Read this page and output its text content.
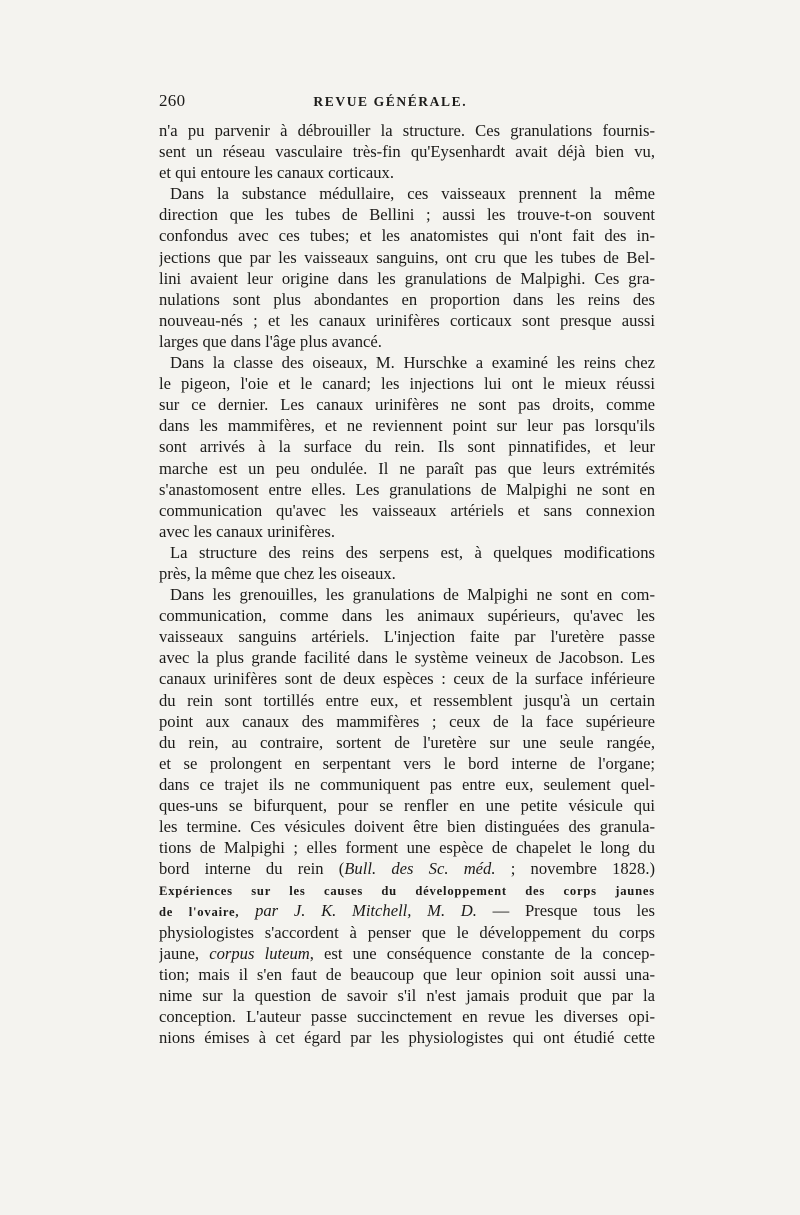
260	REVUE GÉNÉRALE.
n'a pu parvenir à débrouiller la structure. Ces granulations fournis-
sent un réseau vasculaire très-fin qu'Eysenhardt avait déjà bien vu,
et qui entoure les canaux corticaux.
Dans la substance médullaire, ces vaisseaux prennent la même
direction que les tubes de Bellini ; aussi les trouve-t-on souvent
confondus avec ces tubes; et les anatomistes qui n'ont fait des in-
jections que par les vaisseaux sanguins, ont cru que les tubes de Bel-
lini avaient leur origine dans les granulations de Malpighi. Ces gra-
nulations sont plus abondantes en proportion dans les reins des
nouveau-nés ; et les canaux urinifères corticaux sont presque aussi
larges que dans l'âge plus avancé.
Dans la classe des oiseaux, M. Hurschke a examiné les reins chez
le pigeon, l'oie et le canard; les injections lui ont le mieux réussi
sur ce dernier. Les canaux urinifères ne sont pas droits, comme
dans les mammifères, et ne reviennent point sur leur pas lorsqu'ils
sont arrivés à la surface du rein. Ils sont pinnatifides, et leur
marche est un peu ondulée. Il ne paraît pas que leurs extrémités
s'anastomosent entre elles. Les granulations de Malpighi ne sont en
communication qu'avec les vaisseaux artériels et sans connexion
avec les canaux urinifères.
La structure des reins des serpens est, à quelques modifications
près, la même que chez les oiseaux.
Dans les grenouilles, les granulations de Malpighi ne sont en com-
communication, comme dans les animaux supérieurs, qu'avec les
vaisseaux sanguins artériels. L'injection faite par l'uretère passe
avec la plus grande facilité dans le système veineux de Jacobson. Les
canaux urinifères sont de deux espèces : ceux de la surface inférieure
du rein sont tortillés entre eux, et ressemblent jusqu'à un certain
point aux canaux des mammifères ; ceux de la face supérieure
du rein, au contraire, sortent de l'uretère sur une seule rangée,
et se prolongent en serpentant vers le bord interne de l'organe;
dans ce trajet ils ne communiquent pas entre eux, seulement quel-
ques-uns se bifurquent, pour se renfler en une petite vésicule qui
les termine. Ces vésicules doivent être bien distinguées des granula-
tions de Malpighi ; elles forment une espèce de chapelet le long du
bord interne du rein (Bull. des Sc. méd. ; novembre 1828.)
Expériences sur les causes du développement des corps jaunes
de l'ovaire, par J. K. Mitchell, M. D. — Presque tous les
physiologistes s'accordent à penser que le développement du corps
jaune, corpus luteum, est une conséquence constante de la concep-
tion; mais il s'en faut de beaucoup que leur opinion soit aussi una-
nime sur la question de savoir s'il n'est jamais produit que par la
conception. L'auteur passe succinctement en revue les diverses opi-
nions émises à cet égard par les physiologistes qui ont étudié cette
